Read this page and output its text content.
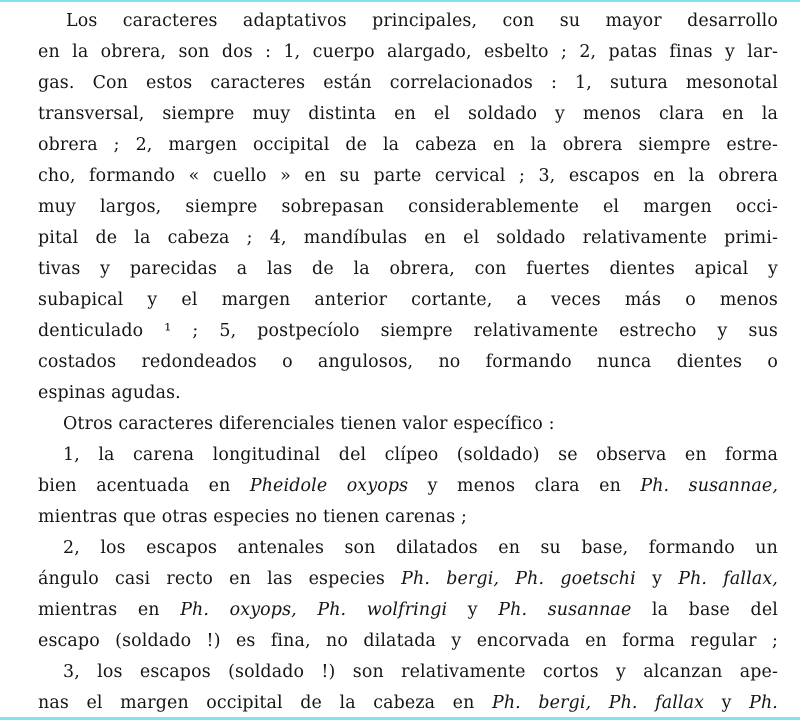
Los caracteres adaptativos principales, con su mayor desarrollo
en la obrera, son dos : 1, cuerpo alargado, esbelto ; 2, patas finas y lar-
gas. Con estos caracteres están correlacionados : 1, sutura mesonotal
transversal, siempre muy distinta en el soldado y menos clara en la
obrera ; 2, margen occipital de la cabeza en la obrera siempre estre-
cho, formando « cuello » en su parte cervical ; 3, escapos en la obrera
muy largos, siempre sobrepasan considerablemente el margen occi-
pital de la cabeza ; 4, mandíbulas en el soldado relativamente primi-
tivas y parecidas a las de la obrera, con fuertes dientes apical y
subapical y el margen anterior cortante, a veces más o menos
denticulado ¹ ; 5, postpecíolo siempre relativamente estrecho y sus
costados redondeados o angulosos, no formando nunca dientes o
espinas agudas.
Otros caracteres diferenciales tienen valor específico :
1, la carena longitudinal del clípeo (soldado) se observa en forma
bien acentuada en Pheidole oxyops y menos clara en Ph. susannae,
mientras que otras especies no tienen carenas ;
2, los escapos antenales son dilatados en su base, formando un
ángulo casi recto en las especies Ph. bergi, Ph. goetschi y Ph. fallax,
mientras en Ph. oxyops, Ph. wolfringi y Ph. susannae la base del
escapo (soldado !) es fina, no dilatada y encorvada en forma regular ;
3, los escapos (soldado !) son relativamente cortos y alcanzan ape-
nas el margen occipital de la cabeza en Ph. bergi, Ph. fallax y Ph.
